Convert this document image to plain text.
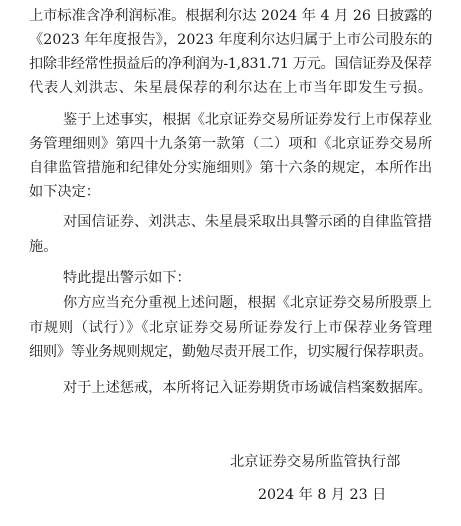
上市标准含净利润标准。根据利尔达 2024 年 4 月 26 日披露的
《2023 年年度报告》，2023 年度利尔达归属于上市公司股东的
扣除非经常性损益后的净利润为-1,831.71 万元。国信证券及保荐
代表人刘洪志、朱星晨保荐的利尔达在上市当年即发生亏损。
鉴于上述事实，根据《北京证券交易所证券发行上市保荐业
务管理细则》第四十九条第一款第（二）项和《北京证券交易所
自律监管措施和纪律处分实施细则》第十六条的规定，本所作出
如下决定：
对国信证券、刘洪志、朱星晨采取出具警示函的自律监管措
施。
特此提出警示如下：
你方应当充分重视上述问题，根据《北京证券交易所股票上
市规则（试行）》《北京证券交易所证券发行上市保荐业务管理
细则》等业务规则规定，勤勉尽责开展工作，切实履行保荐职责。
对于上述惩戒，本所将记入证券期货市场诚信档案数据库。
北京证券交易所监管执行部
2024 年 8 月 23 日
